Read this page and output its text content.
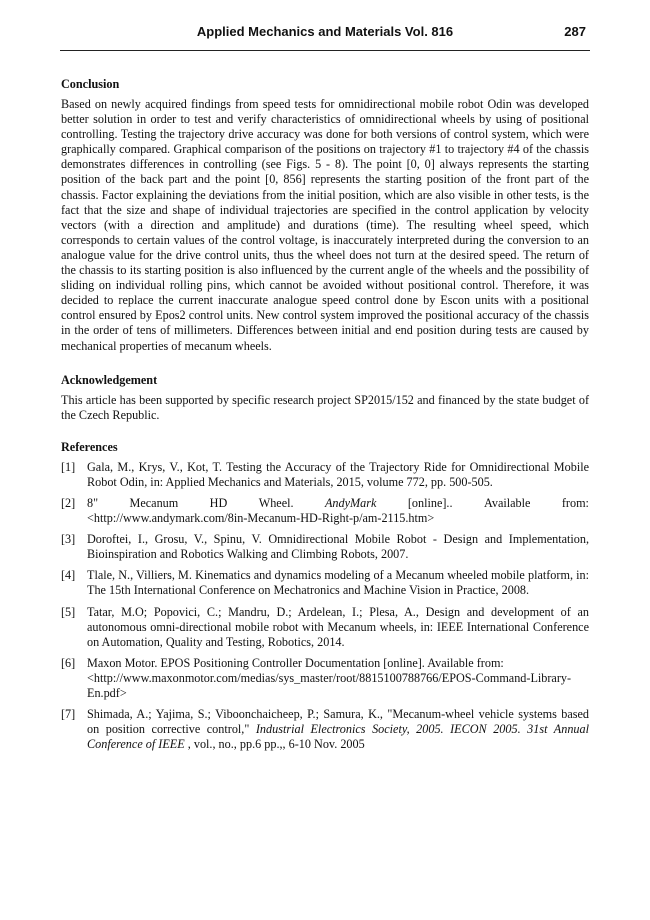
Applied Mechanics and Materials Vol. 816	287
Conclusion

Based on newly acquired findings from speed tests for omnidirectional mobile robot Odin was developed better solution in order to test and verify characteristics of omnidirectional wheels by using of positional controlling. Testing the trajectory drive accuracy was done for both versions of control system, which were graphically compared. Graphical comparison of the positions on trajectory #1 to trajectory #4 of the chassis demonstrates differences in controlling (see Figs. 5 - 8). The point [0, 0] always represents the starting position of the back part and the point [0, 856] represents the starting position of the front part of the chassis. Factor explaining the deviations from the initial position, which are also visible in other tests, is the fact that the size and shape of individual trajectories are specified in the control application by velocity vectors (with a direction and amplitude) and durations (time). The resulting wheel speed, which corresponds to certain values of the control voltage, is inaccurately interpreted during the conversion to an analogue value for the drive control units, thus the wheel does not turn at the desired speed. The return of the chassis to its starting position is also influenced by the current angle of the wheels and the possibility of sliding on individual rolling pins, which cannot be avoided without positional control. Therefore, it was decided to replace the current inaccurate analogue speed control done by Escon units with a positional control ensured by Epos2 control units. New control system improved the positional accuracy of the chassis in the order of tens of millimeters. Differences between initial and end position during tests are caused by mechanical properties of mecanum wheels.

Acknowledgement

This article has been supported by specific research project SP2015/152 and financed by the state budget of the Czech Republic.

References
[1] Gala, M., Krys, V., Kot, T. Testing the Accuracy of the Trajectory Ride for Omnidirectional Mobile Robot Odin, in: Applied Mechanics and Materials, 2015, volume 772, pp. 500-505.
[2] 8"	Mecanum	HD	Wheel.	AndyMark	[online]..	Available	from:
<http://www.andymark.com/8in-Mecanum-HD-Right-p/am-2115.htm>
[3] Doroftei, I., Grosu, V., Spinu, V. Omnidirectional Mobile Robot - Design and Implementation, Bioinspiration and Robotics Walking and Climbing Robots, 2007.
[4] Tlale, N., Villiers, M. Kinematics and dynamics modeling of a Mecanum wheeled mobile platform, in: The 15th International Conference on Mechatronics and Machine Vision in Practice, 2008.
[5] Tatar, M.O; Popovici, C.; Mandru, D.; Ardelean, I.; Plesa, A., Design and development of an autonomous omni-directional mobile robot with Mecanum wheels, in: IEEE International Conference on Automation, Quality and Testing, Robotics, 2014.
[6] Maxon Motor. EPOS Positioning Controller Documentation [online]. Available from:
<http://www.maxonmotor.com/medias/sys_master/root/8815100788766/EPOS-Command-Library-En.pdf>
[7] Shimada, A.; Yajima, S.; Viboonchaicheep, P.; Samura, K., "Mecanum-wheel vehicle systems based on position corrective control," Industrial Electronics Society, 2005. IECON 2005. 31st Annual Conference of IEEE , vol., no., pp.6 pp.,, 6-10 Nov. 2005
